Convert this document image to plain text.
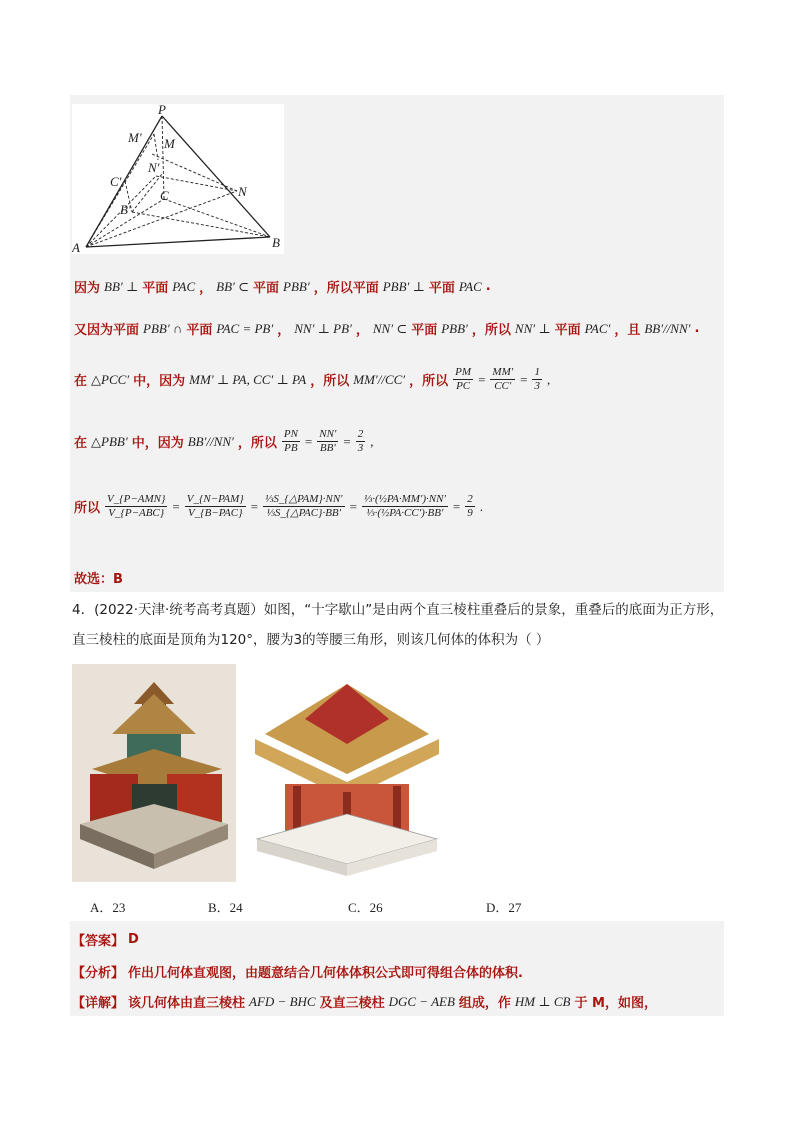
P
M′ M
N′
C′
C	N
B′
A	B
因为 BB′ ⊥ 平面 PAC ， BB′ ⊂ 平面 PBB′ ，所以平面 PBB′ ⊥ 平面 PAC .
又因为平面 PBB′ ∩ 平面 PAC = PB′ ， NN′ ⊥ PB′ ， NN′ ⊂ 平面 PBB′ ，所以 NN′ ⊥ 平面 PAC′ ，且 BB′//NN′ .
在 △PCC′ 中，因为 MM′ ⊥ PA, CC′ ⊥ PA ，所以 MM′//CC′ ，所以 $\frac{PM}{PC} = \frac{MM'}{CC'} = \frac{1}{3}$ ,
在 △PBB′ 中，因为 BB′//NN′ ，所以 $\frac{PN}{PB} = \frac{NN'}{BB'} = \frac{2}{3}$ ,
所以 $\frac{\text{V\_\{P−AMN\}}}{\text{V\_\{P−ABC\}}} = \frac{\text{V\_\{N−PAM\}}}{\text{V\_\{B−PAC\}}} = \frac{\text{⅓S\_\{△PAM\}·NN′}}{\text{⅓S\_\{△PAC\}·BB′}} = \frac{\text{⅓·(½PA·MM′)·NN′}}{\text{⅓·(½PA·CC′)·BB′}} = \frac{2}{9}$ .
故选：B
4．(2022·天津·统考高考真题）如图，“十字歇山”是由两个直三棱柱重叠后的景象，重叠后的底面为正方形，
直三棱柱的底面是顶角为120°，腰为3的等腰三角形，则该几何体的体积为（ ）
A．23	B．24	C．26	D．27
【答案】 D
【分析】 作出几何体直观图，由题意结合几何体体积公式即可得组合体的体积.
【详解】 该几何体由直三棱柱 AFD − BHC 及直三棱柱 DGC − AEB 组成，作 HM ⊥ CB 于 M，如图，
